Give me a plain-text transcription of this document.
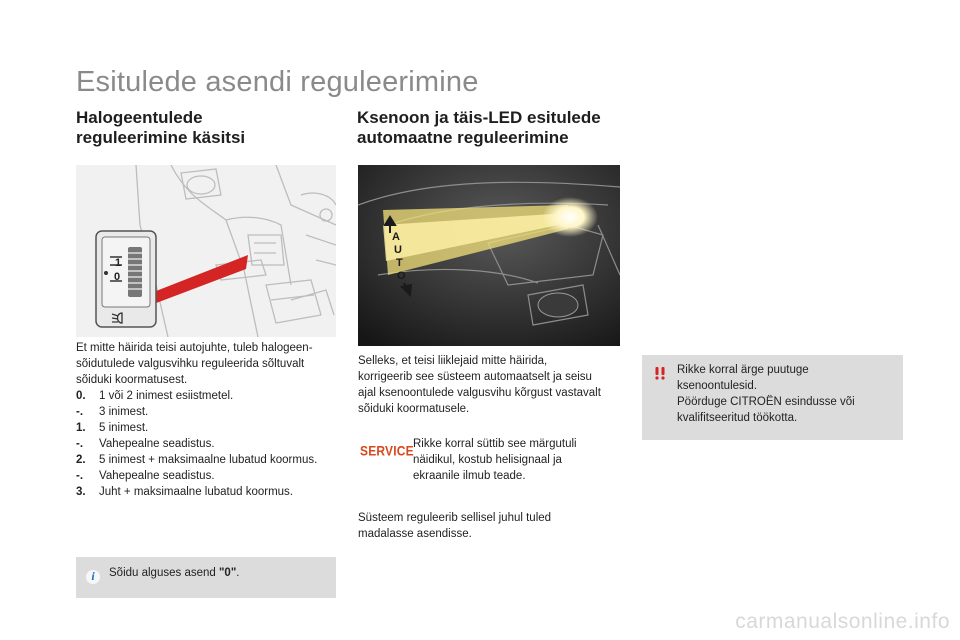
Esitulede asendi reguleerimine
Halogeentulede
reguleerimine käsitsi
1
0

Et mitte häirida teisi autojuhte, tuleb halogeen-

sõidutulede valgusvihku reguleerida sõltuvalt

sõiduki koormatusest.

0.	1 või 2 inimest esiistmetel.
-.	3 inimest.
1.	5 inimest.
-.	Vahepealne seadistus.
2.	5 inimest + maksimaalne lubatud koormus.
-.	Vahepealne seadistus.
3.	Juht + maksimaalne lubatud koormus.
i
Sõidu alguses asend "0".
Ksenoon ja täis-LED esitulede
automaatne reguleerimine
A
U
T
O

Selleks, et teisi liiklejaid mitte häirida,

korrigeerib see süsteem automaatselt ja seisu

ajal ksenoontulede valgusvihu kõrgust vastavalt

sõiduki koormatusele.

SERVICE Rikke korral süttib see märgutuli

näidikul, kostub helisignaal ja

ekraanile ilmub teade.

Süsteem reguleerib sellisel juhul tuled

madalasse asendisse.

Rikke korral ärge puutuge

ksenoontulesid.

Pöörduge CITROËN esindusse või

kvalifitseeritud töökotta.

carmanualsonline.info
